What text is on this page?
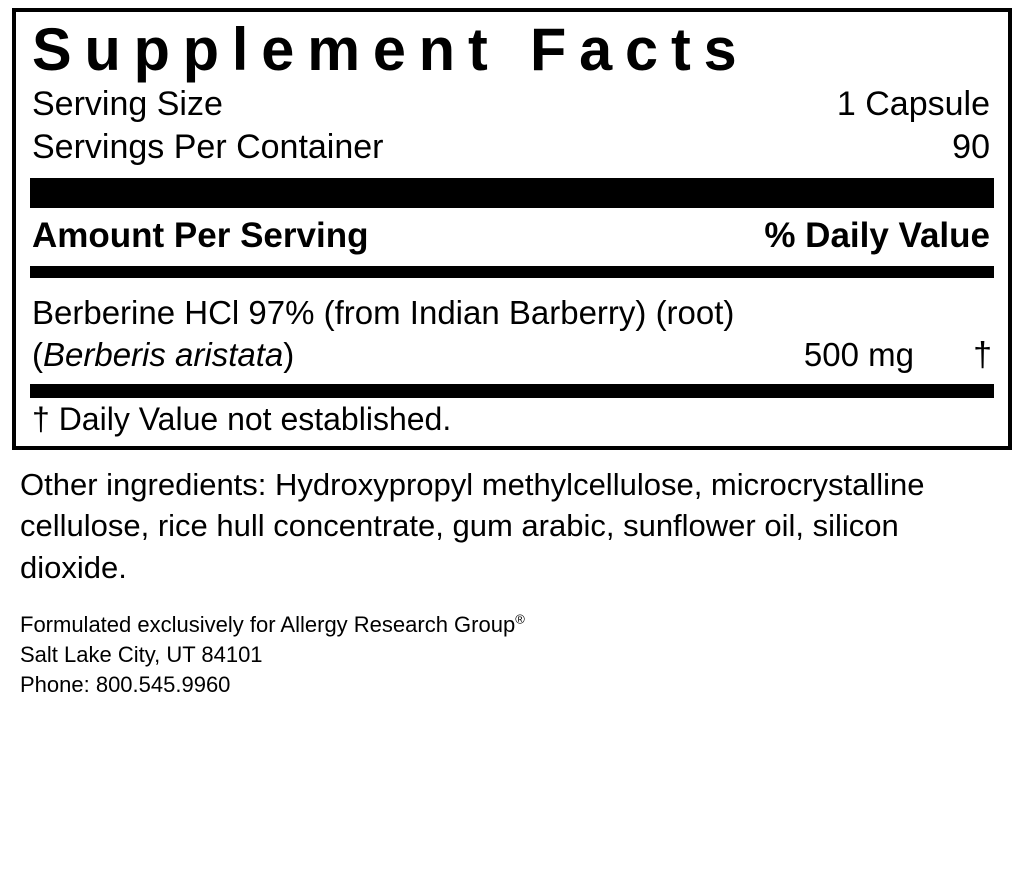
Supplement Facts
Serving Size	1 Capsule
Servings Per Container	90
Amount Per Serving	% Daily Value
Berberine HCl 97% (from Indian Barberry) (root)
(Berberis aristata)	500 mg	†
† Daily Value not established.
Other ingredients: Hydroxypropyl methylcellulose, microcrystalline cellulose, rice hull concentrate, gum arabic, sunflower oil, silicon dioxide.
Formulated exclusively for Allergy Research Group®
Salt Lake City, UT 84101
Phone: 800.545.9960
